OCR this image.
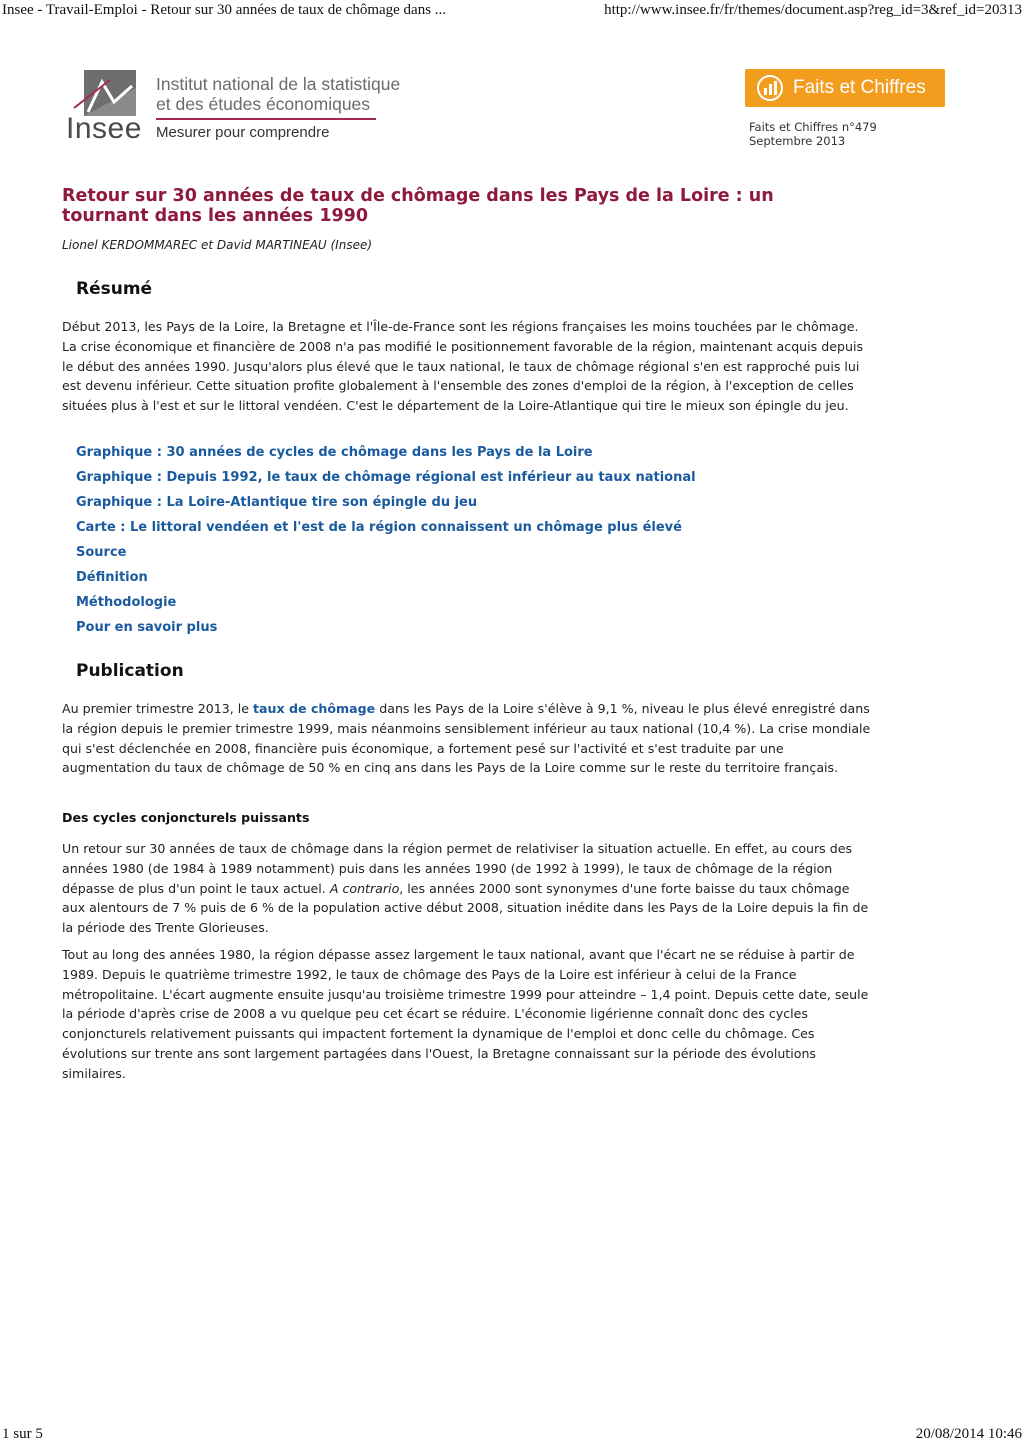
Insee - Travail-Emploi - Retour sur 30 années de taux de chômage dans ...	http://www.insee.fr/fr/themes/document.asp?reg_id=3&ref_id=20313
Insee
Institut national de la statistique
et des études économiques
Mesurer pour comprendre
Faits et Chiffres
Faits et Chiffres n°479
Septembre 2013
Retour sur 30 années de taux de chômage dans les Pays de la Loire : un tournant dans les années 1990
Lionel KERDOMMAREC et David MARTINEAU (Insee)
Résumé

Début 2013, les Pays de la Loire, la Bretagne et l'Île-de-France sont les régions françaises les moins touchées par le chômage. La crise économique et financière de 2008 n'a pas modifié le positionnement favorable de la région, maintenant acquis depuis le début des années 1990. Jusqu'alors plus élevé que le taux national, le taux de chômage régional s'en est rapproché puis lui est devenu inférieur. Cette situation profite globalement à l'ensemble des zones d'emploi de la région, à l'exception de celles situées plus à l'est et sur le littoral vendéen. C'est le département de la Loire-Atlantique qui tire le mieux son épingle du jeu.

Graphique : 30 années de cycles de chômage dans les Pays de la Loire
Graphique : Depuis 1992, le taux de chômage régional est inférieur au taux national
Graphique : La Loire-Atlantique tire son épingle du jeu
Carte : Le littoral vendéen et l'est de la région connaissent un chômage plus élevé
Source
Définition
Méthodologie
Pour en savoir plus
Publication

Au premier trimestre 2013, le taux de chômage dans les Pays de la Loire s'élève à 9,1 %, niveau le plus élevé enregistré dans la région depuis le premier trimestre 1999, mais néanmoins sensiblement inférieur au taux national (10,4 %). La crise mondiale qui s'est déclenchée en 2008, financière puis économique, a fortement pesé sur l'activité et s'est traduite par une augmentation du taux de chômage de 50 % en cinq ans dans les Pays de la Loire comme sur le reste du territoire français.

Des cycles conjoncturels puissants

Un retour sur 30 années de taux de chômage dans la région permet de relativiser la situation actuelle. En effet, au cours des années 1980 (de 1984 à 1989 notamment) puis dans les années 1990 (de 1992 à 1999), le taux de chômage de la région dépasse de plus d'un point le taux actuel. A contrario, les années 2000 sont synonymes d'une forte baisse du taux chômage aux alentours de 7 % puis de 6 % de la population active début 2008, situation inédite dans les Pays de la Loire depuis la fin de la période des Trente Glorieuses.

Tout au long des années 1980, la région dépasse assez largement le taux national, avant que l'écart ne se réduise à partir de 1989. Depuis le quatrième trimestre 1992, le taux de chômage des Pays de la Loire est inférieur à celui de la France métropolitaine. L'écart augmente ensuite jusqu'au troisième trimestre 1999 pour atteindre – 1,4 point. Depuis cette date, seule la période d'après crise de 2008 a vu quelque peu cet écart se réduire. L'économie ligérienne connaît donc des cycles conjoncturels relativement puissants qui impactent fortement la dynamique de l'emploi et donc celle du chômage. Ces évolutions sur trente ans sont largement partagées dans l'Ouest, la Bretagne connaissant sur la période des évolutions similaires.

1 sur 5	20/08/2014 10:46
